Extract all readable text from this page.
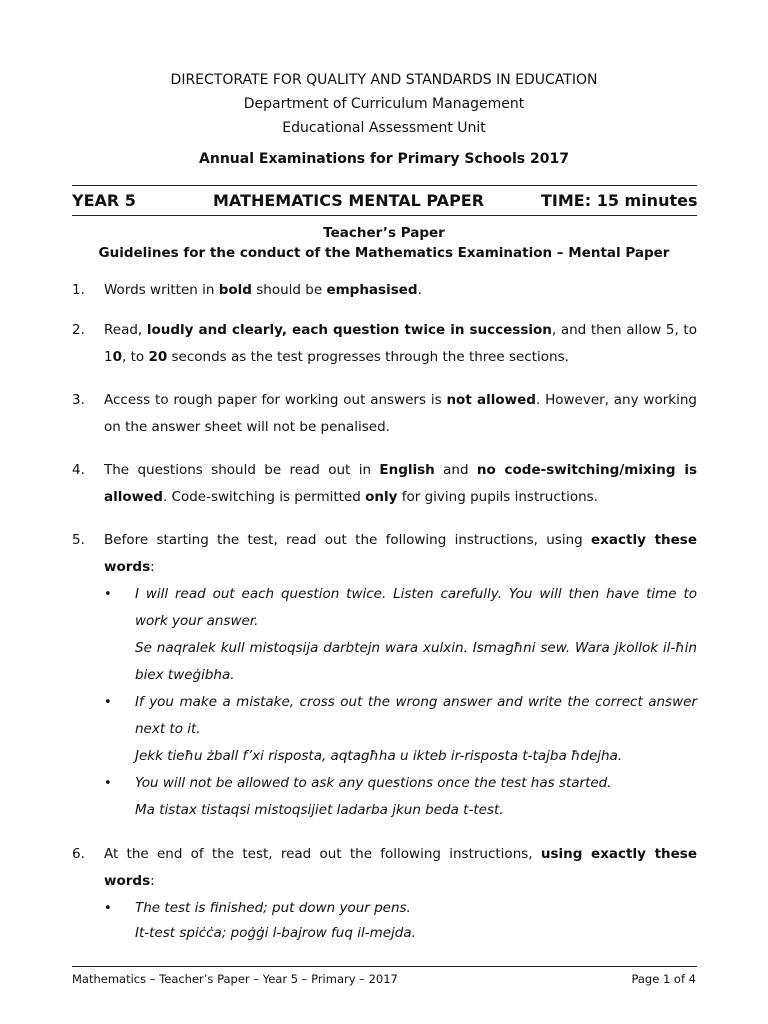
DIRECTORATE FOR QUALITY AND STANDARDS IN EDUCATION
Department of Curriculum Management
Educational Assessment Unit
Annual Examinations for Primary Schools 2017
YEAR 5	MATHEMATICS MENTAL PAPER	TIME: 15 minutes
Teacher’s Paper
Guidelines for the conduct of the Mathematics Examination – Mental Paper
1.	Words written in bold should be emphasised.
2.	Read, loudly and clearly, each question twice in succession, and then allow 5, to 10, to 20 seconds as the test progresses through the three sections.
3.	Access to rough paper for working out answers is not allowed. However, any working on the answer sheet will not be penalised.
4.	The questions should be read out in English and no code-switching/mixing is allowed. Code-switching is permitted only for giving pupils instructions.
5.	Before starting the test, read out the following instructions, using exactly these words:
• I will read out each question twice. Listen carefully. You will then have time to work your answer.
Se naqralek kull mistoqsija darbtejn wara xulxin. Ismagħni sew. Wara jkollok il-ħin biex tweġibha.
• If you make a mistake, cross out the wrong answer and write the correct answer next to it.
Jekk tieħu żball f’xi risposta, aqtagħha u ikteb ir-risposta t-tajba ħdejha.
• You will not be allowed to ask any questions once the test has started.
Ma tistax tistaqsi mistoqsijiet ladarba jkun beda t-test.
6.	At the end of the test, read out the following instructions, using exactly these words:
• The test is finished; put down your pens.
It-test spiċċa; poġġi l-bajrow fuq il-mejda.
Mathematics – Teacher’s Paper – Year 5 – Primary – 2017	Page 1 of 4
